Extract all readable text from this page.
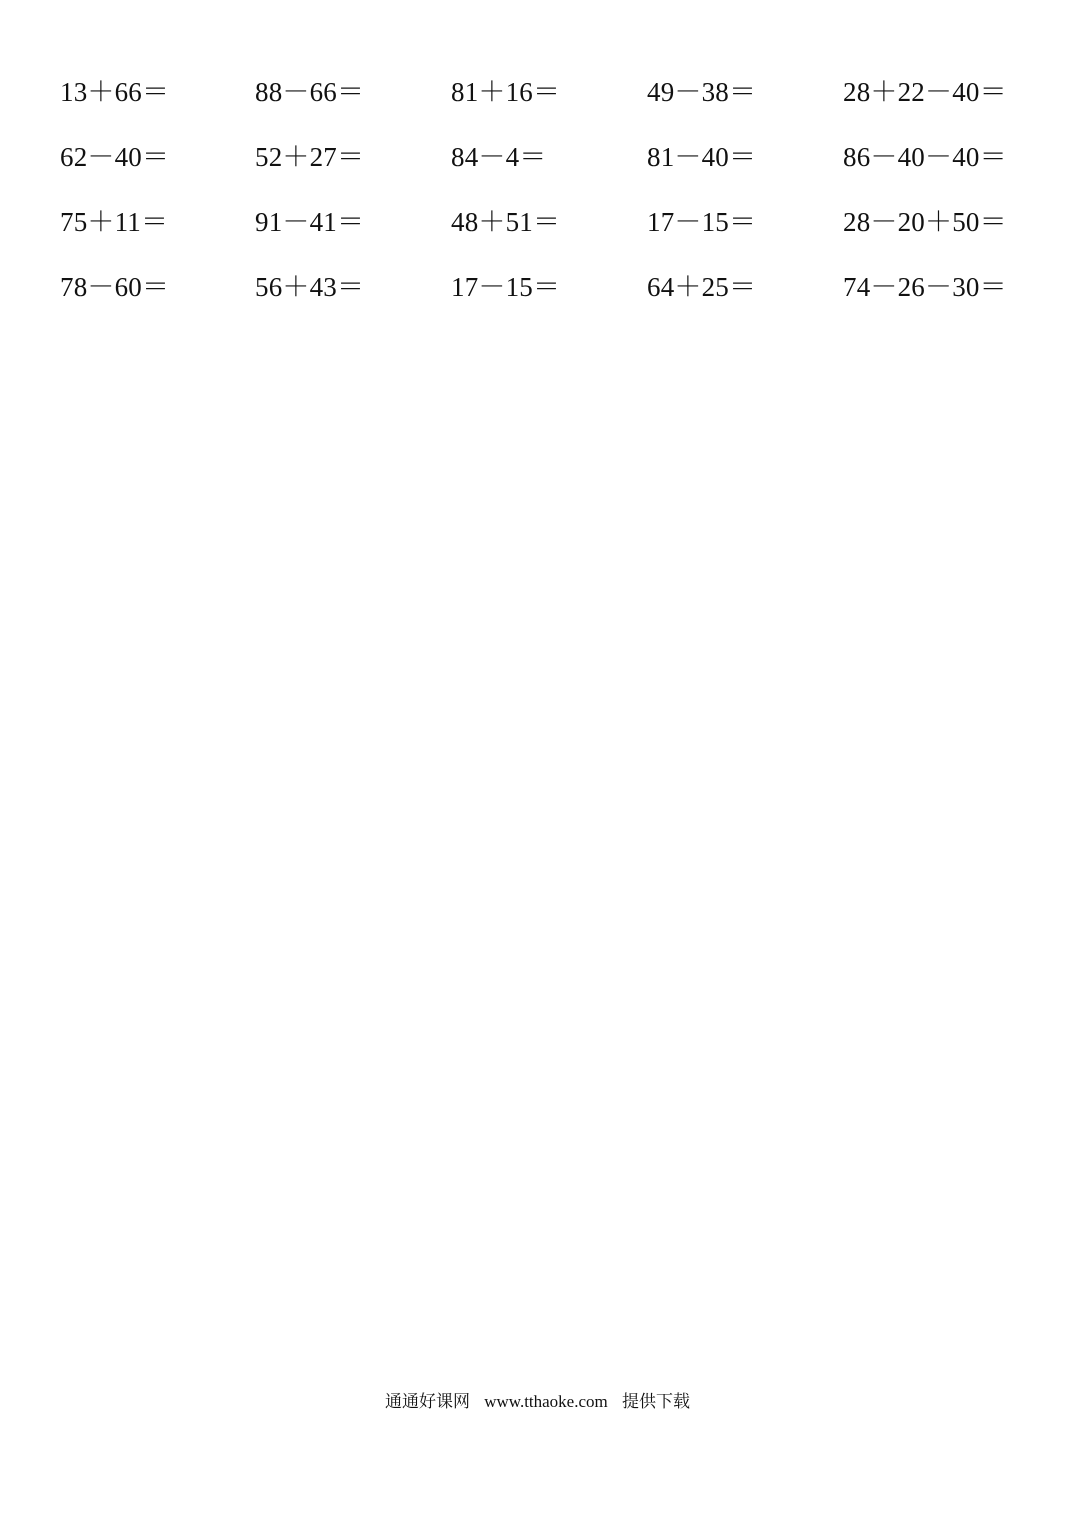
13＋66＝	88－66＝	81＋16＝	49－38＝	28＋22－40＝
62－40＝	52＋27＝	84－4＝	81－40＝	86－40－40＝
75＋11＝	91－41＝	48＋51＝	17－15＝	28－20＋50＝
78－60＝	56＋43＝	17－15＝	64＋25＝	74－26－30＝
通通好课网 www.tthaoke.com 提供下载
